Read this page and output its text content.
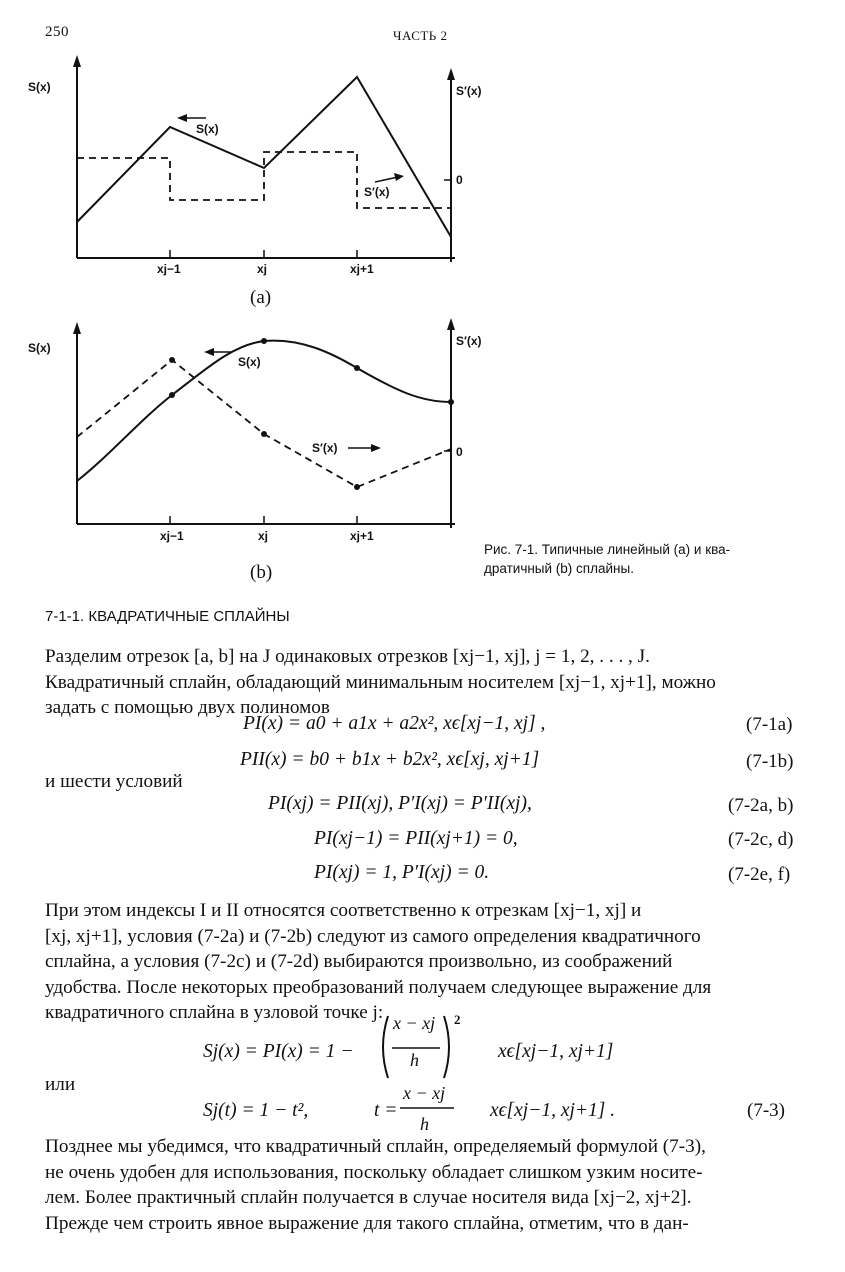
250	ЧАСТЬ 2
S(x)	S′(x)
0
S(x)
S′(x)
xj−1	xj	xj+1
(a)
S(x)	S′(x)
0
S(x)
S′(x)
xj−1	xj	xj+1
(b)
Рис. 7-1. Типичные линейный (a) и ква-
дратичный (b) сплайны.
7-1-1. КВАДРАТИЧНЫЕ СПЛАЙНЫ
Разделим отрезок [a, b] на J одинаковых отрезков [xj−1, xj], j = 1, 2, . . . , J.
Квадратичный сплайн, обладающий минимальным носителем [xj−1, xj+1], можно
задать с помощью двух полиномов
PI(x) = a0 + a1x + a2x², xϵ[xj−1, xj] ,	(7-1a)
PII(x) = b0 + b1x + b2x², xϵ[xj, xj+1]	(7-1b)
и шести условий
PI(xj) = PII(xj), P′I(xj) = P′II(xj),	(7-2a, b)
PI(xj−1) = PII(xj+1) = 0,	(7-2c, d)
PI(xj) = 1, P′I(xj) = 0.	(7-2e, f)
При этом индексы I и II относятся соответственно к отрезкам [xj−1, xj] и
[xj, xj+1], условия (7-2a) и (7-2b) следуют из самого определения квадратичного
сплайна, а условия (7-2c) и (7-2d) выбираются произвольно, из соображений
удобства. После некоторых преобразований получаем следующее выражение для
квадратичного сплайна в узловой точке j:
Sj(x) = PI(x) = 1 −
x − xj
h
2
xϵ[xj−1, xj+1]
или
Sj(t) = 1 − t²,	t =
x − xj
h
xϵ[xj−1, xj+1] .	(7-3)
Позднее мы убедимся, что квадратичный сплайн, определяемый формулой (7-3),
не очень удобен для использования, поскольку обладает слишком узким носите-
лем. Более практичный сплайн получается в случае носителя вида [xj−2, xj+2].
Прежде чем строить явное выражение для такого сплайна, отметим, что в дан-
